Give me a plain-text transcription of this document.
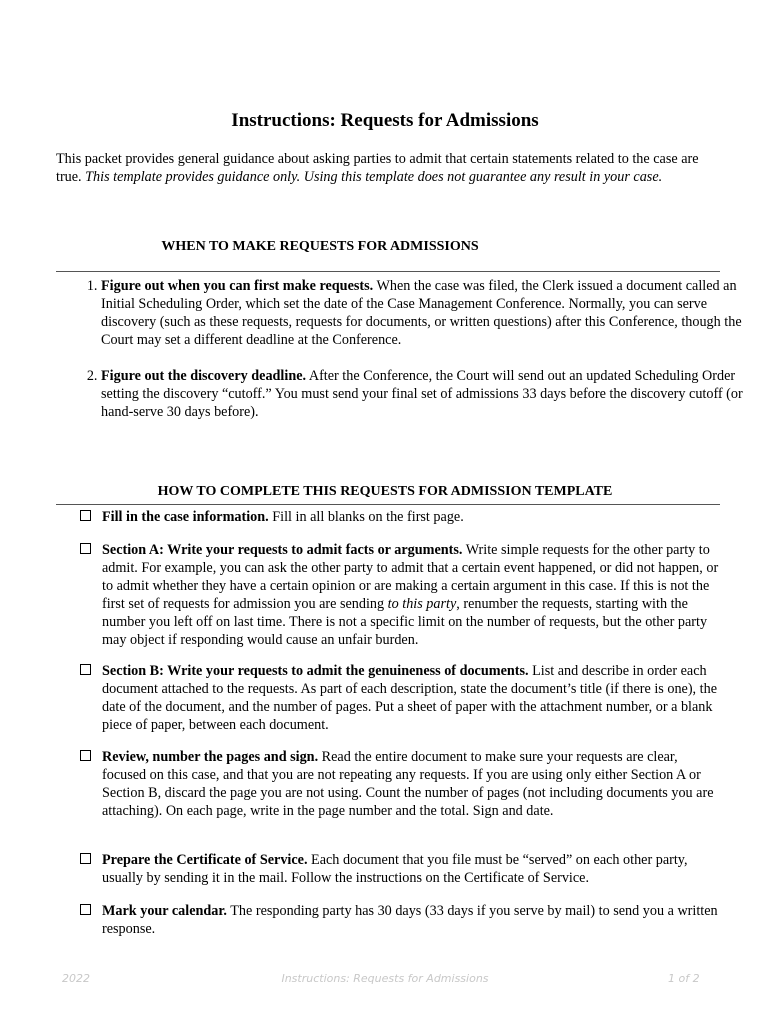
Instructions: Requests for Admissions
This packet provides general guidance about asking parties to admit that certain statements related to the case are true. This template provides guidance only. Using this template does not guarantee any result in your case.
WHEN TO MAKE REQUESTS FOR ADMISSIONS
1. Figure out when you can first make requests. When the case was filed, the Clerk issued a document called an Initial Scheduling Order, which set the date of the Case Management Conference. Normally, you can serve discovery (such as these requests, requests for documents, or written questions) after this Conference, though the Court may set a different deadline at the Conference.
2. Figure out the discovery deadline. After the Conference, the Court will send out an updated Scheduling Order setting the discovery “cutoff.” You must send your final set of admissions 33 days before the discovery cutoff (or hand-serve 30 days before).
HOW TO COMPLETE THIS REQUESTS FOR ADMISSION TEMPLATE
Fill in the case information. Fill in all blanks on the first page.
Section A: Write your requests to admit facts or arguments. Write simple requests for the other party to admit. For example, you can ask the other party to admit that a certain event happened, or did not happen, or to admit whether they have a certain opinion or are making a certain argument in this case. If this is not the first set of requests for admission you are sending to this party, renumber the requests, starting with the number you left off on last time. There is not a specific limit on the number of requests, but the other party may object if responding would cause an unfair burden.
Section B: Write your requests to admit the genuineness of documents. List and describe in order each document attached to the requests. As part of each description, state the document’s title (if there is one), the date of the document, and the number of pages. Put a sheet of paper with the attachment number, or a blank piece of paper, between each document.
Review, number the pages and sign. Read the entire document to make sure your requests are clear, focused on this case, and that you are not repeating any requests. If you are using only either Section A or Section B, discard the page you are not using. Count the number of pages (not including documents you are attaching). On each page, write in the page number and the total. Sign and date.
Prepare the Certificate of Service. Each document that you file must be “served” on each other party, usually by sending it in the mail. Follow the instructions on the Certificate of Service.
Mark your calendar. The responding party has 30 days (33 days if you serve by mail) to send you a written response.
2022	Instructions: Requests for Admissions	1 of 2
